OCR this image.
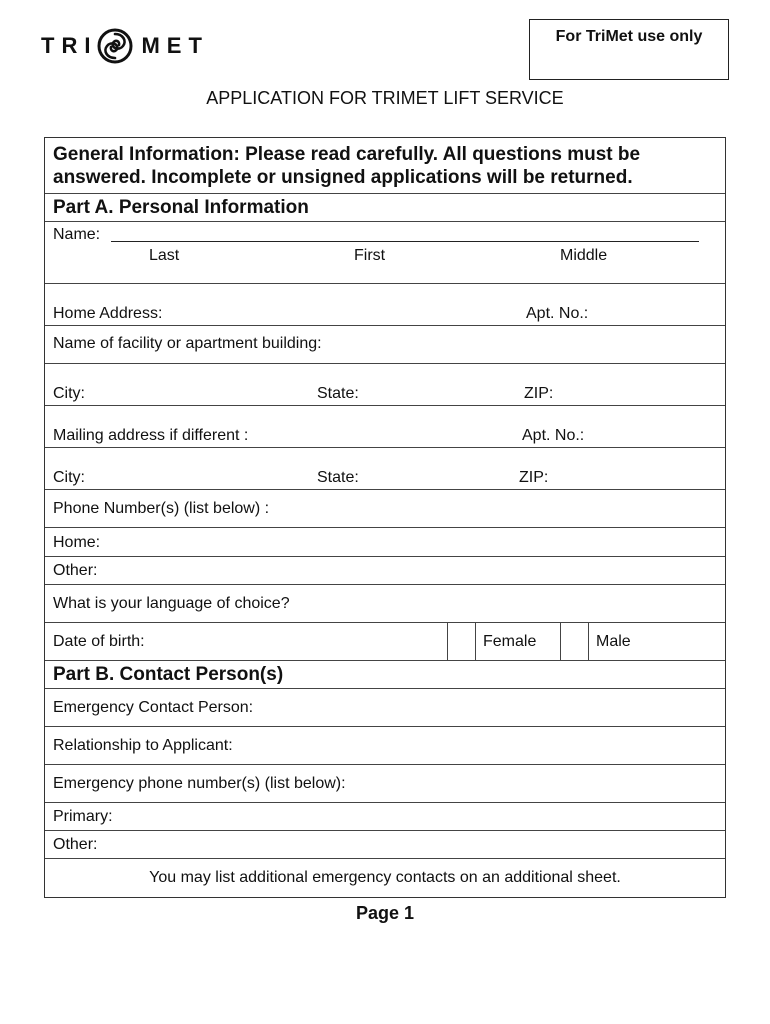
TRI MET	For TriMet use only
APPLICATION FOR TRIMET LIFT SERVICE
General Information: Please read carefully. All questions must be answered. Incomplete or unsigned applications will be returned.
Part A. Personal Information
Name:
Last	First	Middle
Home Address:	Apt. No.:
Name of facility or apartment building:
City:	State:	ZIP:
Mailing address if different :	Apt. No.:
City:	State:	ZIP:
Phone Number(s) (list below) :
Home:
Other:
What is your language of choice?
Date of birth:	Female	Male
Part B. Contact Person(s)
Emergency Contact Person:
Relationship to Applicant:
Emergency phone number(s) (list below):
Primary:
Other:
You may list additional emergency contacts on an additional sheet.
Page 1
